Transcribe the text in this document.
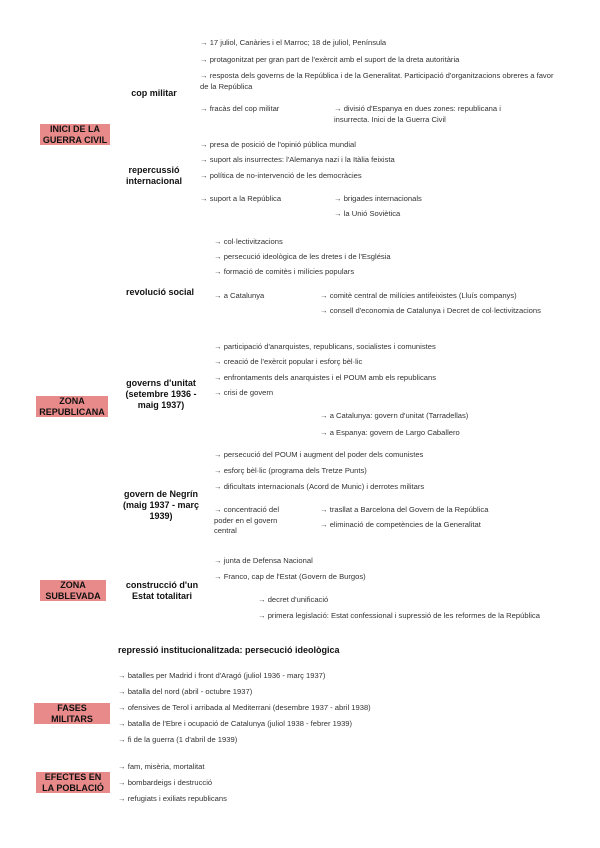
INICI DE LA GUERRA CIVIL
ZONA REPUBLICANA
ZONA SUBLEVADA
FASES MILITARS
EFECTES EN LA POBLACIÓ
cop militar
repercussió internacional
revolució social
governs d'unitat (setembre 1936 - maig 1937)
govern de Negrín (maig 1937 - març 1939)
construcció d'un Estat totalitari
→ 17 juliol, Canàries i el Marroc; 18 de juliol, Península
→ protagonitzat per gran part de l'exèrcit amb el suport de la dreta autoritària
→ resposta dels governs de la República i de la Generalitat. Participació d'organitzacions obreres a favor de la República
→ fracàs del cop militar	→ divisió d'Espanya en dues zones: republicana i insurrecta. Inici de la Guerra Civil
→ presa de posició de l'opinió pública mundial
→ suport als insurrectes: l'Alemanya nazi i la Itàlia feixista
→ política de no-intervenció de les democràcies
→ suport a la República	→ brigades internacionals
→ la Unió Soviètica
→ col·lectivitzacions
→ persecució ideològica de les dretes i de l'Església
→ formació de comitès i milícies populars
→ a Catalunya	→ comitè central de milícies antifeixistes (Lluís companys)
→ consell d'economia de Catalunya i Decret de col·lectivitzacions
→ participació d'anarquistes, republicans, socialistes i comunistes
→ creació de l'exèrcit popular i esforç bèl·lic
→ enfrontaments dels anarquistes i el POUM amb els republicans
→ crisi de govern
→ a Catalunya: govern d'unitat (Tarradellas)
→ a Espanya: govern de Largo Caballero
→ persecució del POUM i augment del poder dels comunistes
→ esforç bèl·lic (programa dels Tretze Punts)
→ dificultats internacionals (Acord de Munic) i derrotes militars
→ concentració del poder en el govern central
→ trasllat a Barcelona del Govern de la República
→ eliminació de competències de la Generalitat
→ junta de Defensa Nacional
→ Franco, cap de l'Estat (Govern de Burgos)
→ decret d'unificació
→ primera legislació: Estat confessional i supressió de les reformes de la República
repressió institucionalitzada: persecució ideològica
→ batalles per Madrid i front d'Aragó (juliol 1936 - març 1937)
→ batalla del nord (abril - octubre 1937)
→ ofensives de Terol i arribada al Mediterrani (desembre 1937 - abril 1938)
→ batalla de l'Ebre i ocupació de Catalunya (juliol 1938 - febrer 1939)
→ fi de la guerra (1 d'abril de 1939)
→ fam, misèria, mortalitat
→ bombardeigs i destrucció
→ refugiats i exiliats republicans
